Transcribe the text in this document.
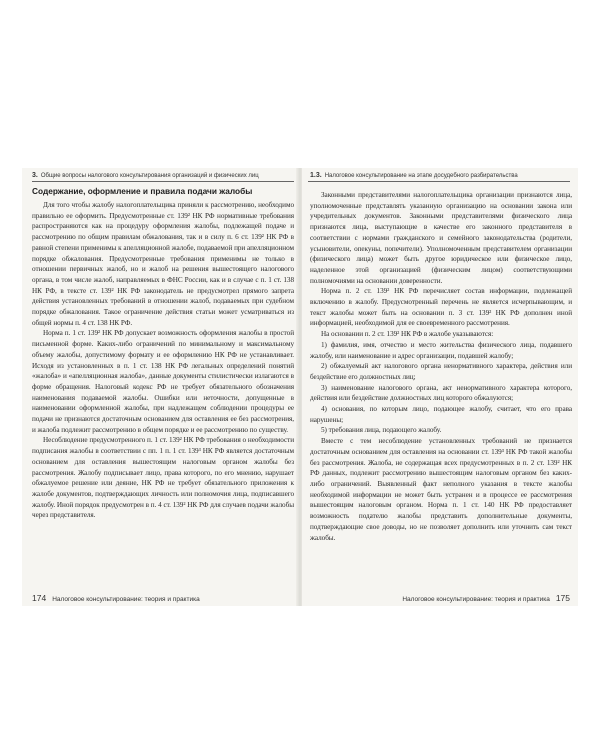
3. Общие вопросы налогового консультирования организаций и физических лиц
Содержание, оформление и правила подачи жалобы

Для того чтобы жалобу налогоплательщика приняли к рассмотрению, необходимо правильно ее оформить. Предусмотренные ст. 139² НК РФ нормативные требования распространяются как на процедуру оформления жалобы, подлежащей подаче и рассмотрению по общим правилам обжалования, так и в силу п. 6 ст. 139² НК РФ в равной степени применимы к апелляционной жалобе, подаваемой при апелляционном порядке обжалования. Предусмотренные требования применимы не только в отношении первичных жалоб, но и жалоб на решения вышестоящего налогового органа, в том числе жалоб, направляемых в ФНС России, как и в случае с п. 1 ст. 138 НК РФ, в тексте ст. 139² НК РФ законодатель не предусмотрел прямого запрета действия установленных требований в отношении жалоб, подаваемых при судебном порядке обжалования. Такое ограничение действия статьи может усматриваться из общей нормы п. 4 ст. 138 НК РФ.

Норма п. 1 ст. 139² НК РФ допускает возможность оформления жалобы в простой письменной форме. Каких-либо ограничений по минимальному и максимальному объему жалобы, допустимому формату и ее оформлению НК РФ не устанавливает. Исходя из установленных в п. 1 ст. 138 НК РФ легальных определений понятий «жалоба» и «апелляционная жалоба», данные документы стилистически излагаются в форме обращения. Налоговый кодекс РФ не требует обязательного обозначения наименования подаваемой жалобы. Ошибки или неточности, допущенные в наименовании оформленной жалобы, при надлежащем соблюдении процедуры ее подачи не признаются достаточным основанием для оставления ее без рассмотрения, и жалоба подлежит рассмотрению в общем порядке и ее рассмотрению по существу.

Несоблюдение предусмотренного п. 1 ст. 139² НК РФ требования о необходимости подписания жалобы в соответствии с пп. 1 п. 1 ст. 139³ НК РФ является достаточным основанием для оставления вышестоящим налоговым органом жалобы без рассмотрения. Жалобу подписывает лицо, права которого, по его мнению, нарушает обжалуемое решение или деяние, НК РФ не требует обязательного приложения к жалобе документов, подтверждающих личность или полномочия лица, подписавшего жалобу. Иной порядок предусмотрен в п. 4 ст. 139² НК РФ для случаев подачи жалобы через представителя.

174 Налоговое консультирование: теория и практика
1.3. Налоговое консультирование на этапе досудебного разбирательства

Законными представителями налогоплательщика организации признаются лица, уполномоченные представлять указанную организацию на основании закона или учредительных документов. Законными представителями физического лица признаются лица, выступающие в качестве его законного представителя в соответствии с нормами гражданского и семейного законодательства (родители, усыновители, опекуны, попечители). Уполномоченным представителем организации (физического лица) может быть другое юридическое или физическое лицо, наделенное этой организацией (физическим лицом) соответствующими полномочиями на основании доверенности.

Норма п. 2 ст. 139² НК РФ перечисляет состав информации, подлежащей включению в жалобу. Предусмотренный перечень не является исчерпывающим, и текст жалобы может быть на основании п. 3 ст. 139² НК РФ дополнен иной информацией, необходимой для ее своевременного рассмотрения.

На основании п. 2 ст. 139² НК РФ в жалобе указываются:

1) фамилия, имя, отчество и место жительства физического лица, подавшего жалобу, или наименование и адрес организации, подавшей жалобу;

2) обжалуемый акт налогового органа ненормативного характера, действия или бездействие его должностных лиц;

3) наименование налогового органа, акт ненормативного характера которого, действия или бездействие должностных лиц которого обжалуются;

4) основания, по которым лицо, подающее жалобу, считает, что его права нарушены;

5) требования лица, подающего жалобу.

Вместе с тем несоблюдение установленных требований не признается достаточным основанием для оставления на основании ст. 139³ НК РФ такой жалобы без рассмотрения. Жалоба, не содержащая всех предусмотренных в п. 2 ст. 139² НК РФ данных, подлежит рассмотрению вышестоящим налоговым органом без каких-либо ограничений. Выявленный факт неполного указания в тексте жалобы необходимой информации не может быть устранен и в процессе ее рассмотрения вышестоящим налоговым органом. Норма п. 1 ст. 140 НК РФ предоставляет возможность подателю жалобы представить дополнительные документы, подтверждающие свое доводы, но не позволяет дополнить или уточнить сам текст жалобы.

Налоговое консультирование: теория и практика 175
